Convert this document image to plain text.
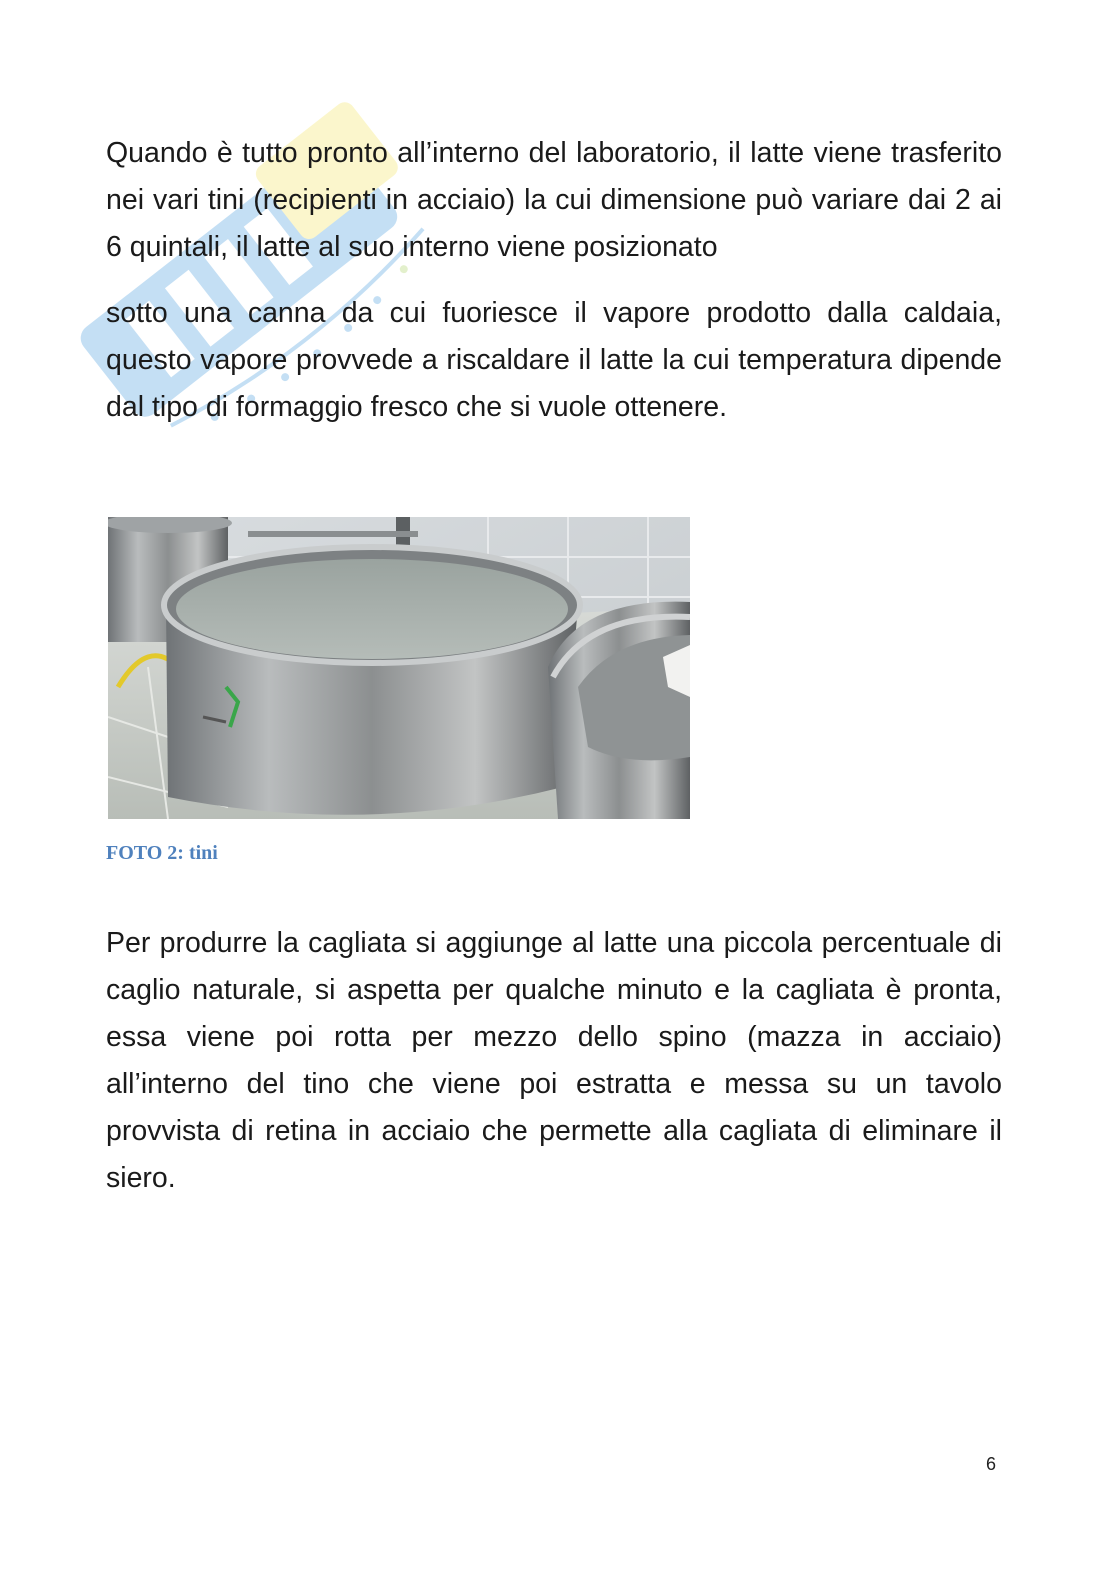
Quando è tutto pronto all’interno del laboratorio, il latte viene trasferito nei vari tini (recipienti in acciaio) la cui dimensione può variare dai 2 ai 6 quintali, il latte al suo interno viene posizionato

sotto una canna da cui fuoriesce il vapore prodotto dalla caldaia, questo vapore provvede a riscaldare il latte la cui temperatura dipende dal tipo di formaggio fresco che si vuole ottenere.

FOTO 2: tini

Per produrre la cagliata si aggiunge al latte una piccola percentuale di caglio naturale, si aspetta per qualche minuto e la cagliata è pronta, essa viene poi rotta per mezzo dello spino (mazza in acciaio) all’interno del tino che viene poi estratta e messa su un tavolo provvista di retina in acciaio che permette alla cagliata di eliminare il siero.

6
